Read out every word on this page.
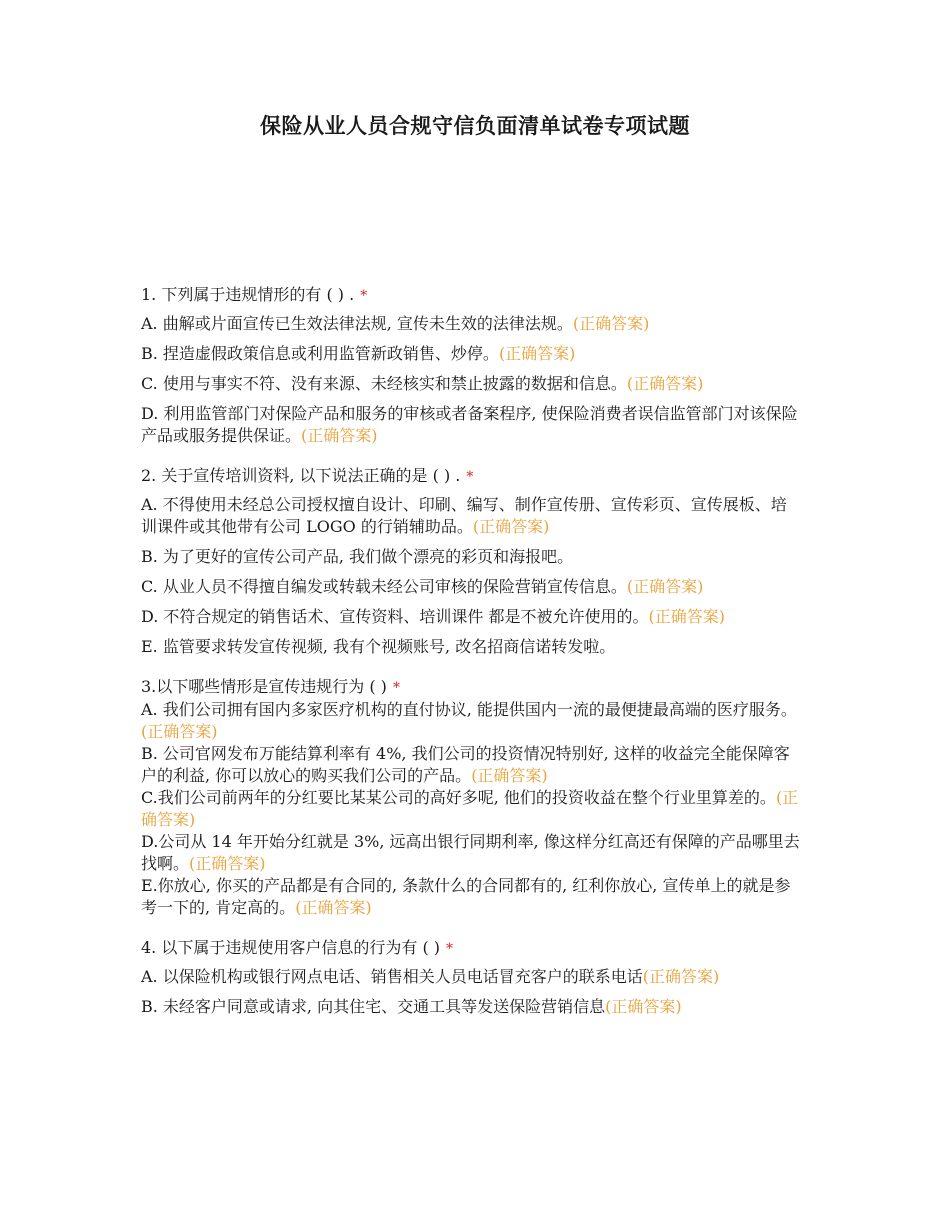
保险从业人员合规守信负面清单试卷专项试题
1. 下列属于违规情形的有 ( ) . *
A. 曲解或片面宣传已生效法律法规, 宣传未生效的法律法规。(正确答案)
B. 捏造虚假政策信息或利用监管新政销售、炒停。(正确答案)
C. 使用与事实不符、没有来源、未经核实和禁止披露的数据和信息。(正确答案)
D. 利用监管部门对保险产品和服务的审核或者备案程序, 使保险消费者误信监管部门对该保险产品或服务提供保证。(正确答案)
2. 关于宣传培训资料, 以下说法正确的是 ( ) . *
A. 不得使用未经总公司授权擅自设计、印刷、编写、制作宣传册、宣传彩页、宣传展板、培训课件或其他带有公司 LOGO 的行销辅助品。(正确答案)
B. 为了更好的宣传公司产品, 我们做个漂亮的彩页和海报吧。
C. 从业人员不得擅自编发或转载未经公司审核的保险营销宣传信息。(正确答案)
D. 不符合规定的销售话术、宣传资料、培训课件 都是不被允许使用的。(正确答案)
E. 监管要求转发宣传视频, 我有个视频账号, 改名招商信诺转发啦。
3.以下哪些情形是宣传违规行为 ( ) *
A. 我们公司拥有国内多家医疗机构的直付协议, 能提供国内一流的最便捷最高端的医疗服务。(正确答案)
B. 公司官网发布万能结算利率有 4%, 我们公司的投资情况特别好, 这样的收益完全能保障客户的利益, 你可以放心的购买我们公司的产品。(正确答案)
C.我们公司前两年的分红要比某某公司的高好多呢, 他们的投资收益在整个行业里算差的。(正确答案)
D.公司从 14 年开始分红就是 3%, 远高出银行同期利率, 像这样分红高还有保障的产品哪里去找啊。(正确答案)
E.你放心, 你买的产品都是有合同的, 条款什么的合同都有的, 红利你放心, 宣传单上的就是参考一下的, 肯定高的。(正确答案)
4. 以下属于违规使用客户信息的行为有 ( ) *
A. 以保险机构或银行网点电话、销售相关人员电话冒充客户的联系电话(正确答案)
B. 未经客户同意或请求, 向其住宅、交通工具等发送保险营销信息(正确答案)
